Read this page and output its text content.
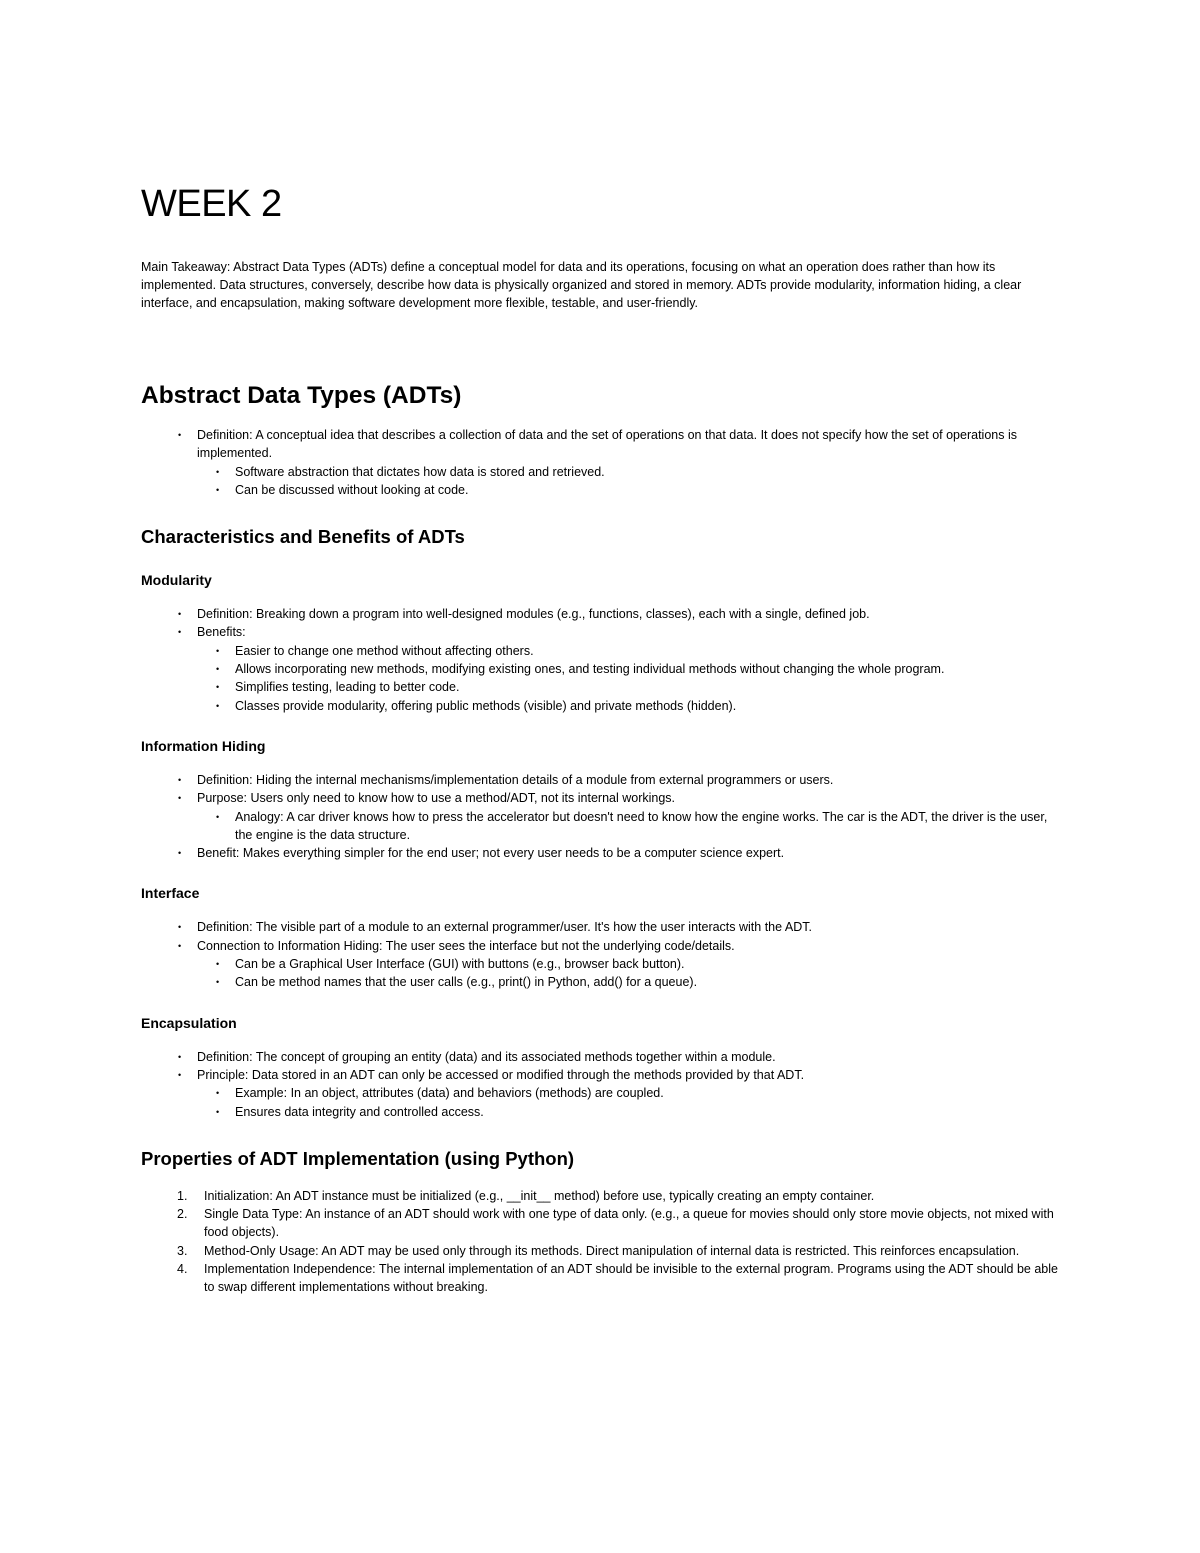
WEEK 2

Main Takeaway: Abstract Data Types (ADTs) define a conceptual model for data and its operations, focusing on what an operation does rather than how its implemented. Data structures, conversely, describe how data is physically organized and stored in memory. ADTs provide modularity, information hiding, a clear interface, and encapsulation, making software development more flexible, testable, and user-friendly.

Abstract Data Types (ADTs)
• Definition: A conceptual idea that describes a collection of data and the set of operations on that data. It does not specify how the set of operations is implemented.
• Software abstraction that dictates how data is stored and retrieved.
• Can be discussed without looking at code.
Characteristics and Benefits of ADTs
Modularity
• Definition: Breaking down a program into well-designed modules (e.g., functions, classes), each with a single, defined job.
• Benefits:
• Easier to change one method without affecting others.
• Allows incorporating new methods, modifying existing ones, and testing individual methods without changing the whole program.
• Simplifies testing, leading to better code.
• Classes provide modularity, offering public methods (visible) and private methods (hidden).
Information Hiding
• Definition: Hiding the internal mechanisms/implementation details of a module from external programmers or users.
• Purpose: Users only need to know how to use a method/ADT, not its internal workings.
• Analogy: A car driver knows how to press the accelerator but doesn't need to know how the engine works. The car is the ADT, the driver is the user, the engine is the data structure.
• Benefit: Makes everything simpler for the end user; not every user needs to be a computer science expert.
Interface
• Definition: The visible part of a module to an external programmer/user. It's how the user interacts with the ADT.
• Connection to Information Hiding: The user sees the interface but not the underlying code/details.
• Can be a Graphical User Interface (GUI) with buttons (e.g., browser back button).
• Can be method names that the user calls (e.g., print() in Python, add() for a queue).
Encapsulation
• Definition: The concept of grouping an entity (data) and its associated methods together within a module.
• Principle: Data stored in an ADT can only be accessed or modified through the methods provided by that ADT.
• Example: In an object, attributes (data) and behaviors (methods) are coupled.
• Ensures data integrity and controlled access.
Properties of ADT Implementation (using Python)
1. Initialization: An ADT instance must be initialized (e.g., __init__ method) before use, typically creating an empty container.
2. Single Data Type: An instance of an ADT should work with one type of data only. (e.g., a queue for movies should only store movie objects, not mixed with food objects).
3. Method-Only Usage: An ADT may be used only through its methods. Direct manipulation of internal data is restricted. This reinforces encapsulation.
4. Implementation Independence: The internal implementation of an ADT should be invisible to the external program. Programs using the ADT should be able to swap different implementations without breaking.
